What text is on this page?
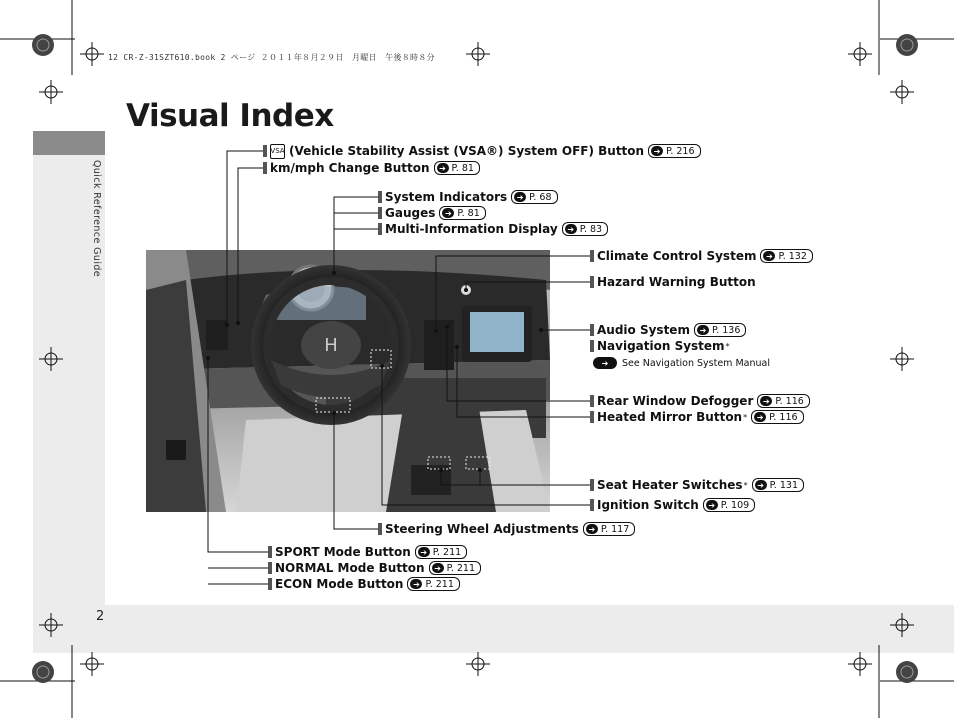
12 CR-Z-31SZT610.book 2 ページ ２０１１年８月２９日　月曜日　午後８時８分
Quick Reference Guide
Visual Index
2
H
VSA (Vehicle Stability Assist (VSA®) System OFF) Button	➔ P. 216
km/mph Change Button	➔ P. 81
System Indicators	➔ P. 68
Gauges	➔ P. 81
Multi-Information Display	➔ P. 83
Climate Control System	➔ P. 132
Hazard Warning Button
Audio System	➔ P. 136
Navigation System *
➔	See Navigation System Manual
Rear Window Defogger	➔ P. 116
Heated Mirror Button *	➔ P. 116
Seat Heater Switches *	➔ P. 131
Ignition Switch	➔ P. 109
Steering Wheel Adjustments	➔ P. 117
SPORT Mode Button	➔ P. 211
NORMAL Mode Button	➔ P. 211
ECON Mode Button	➔ P. 211
